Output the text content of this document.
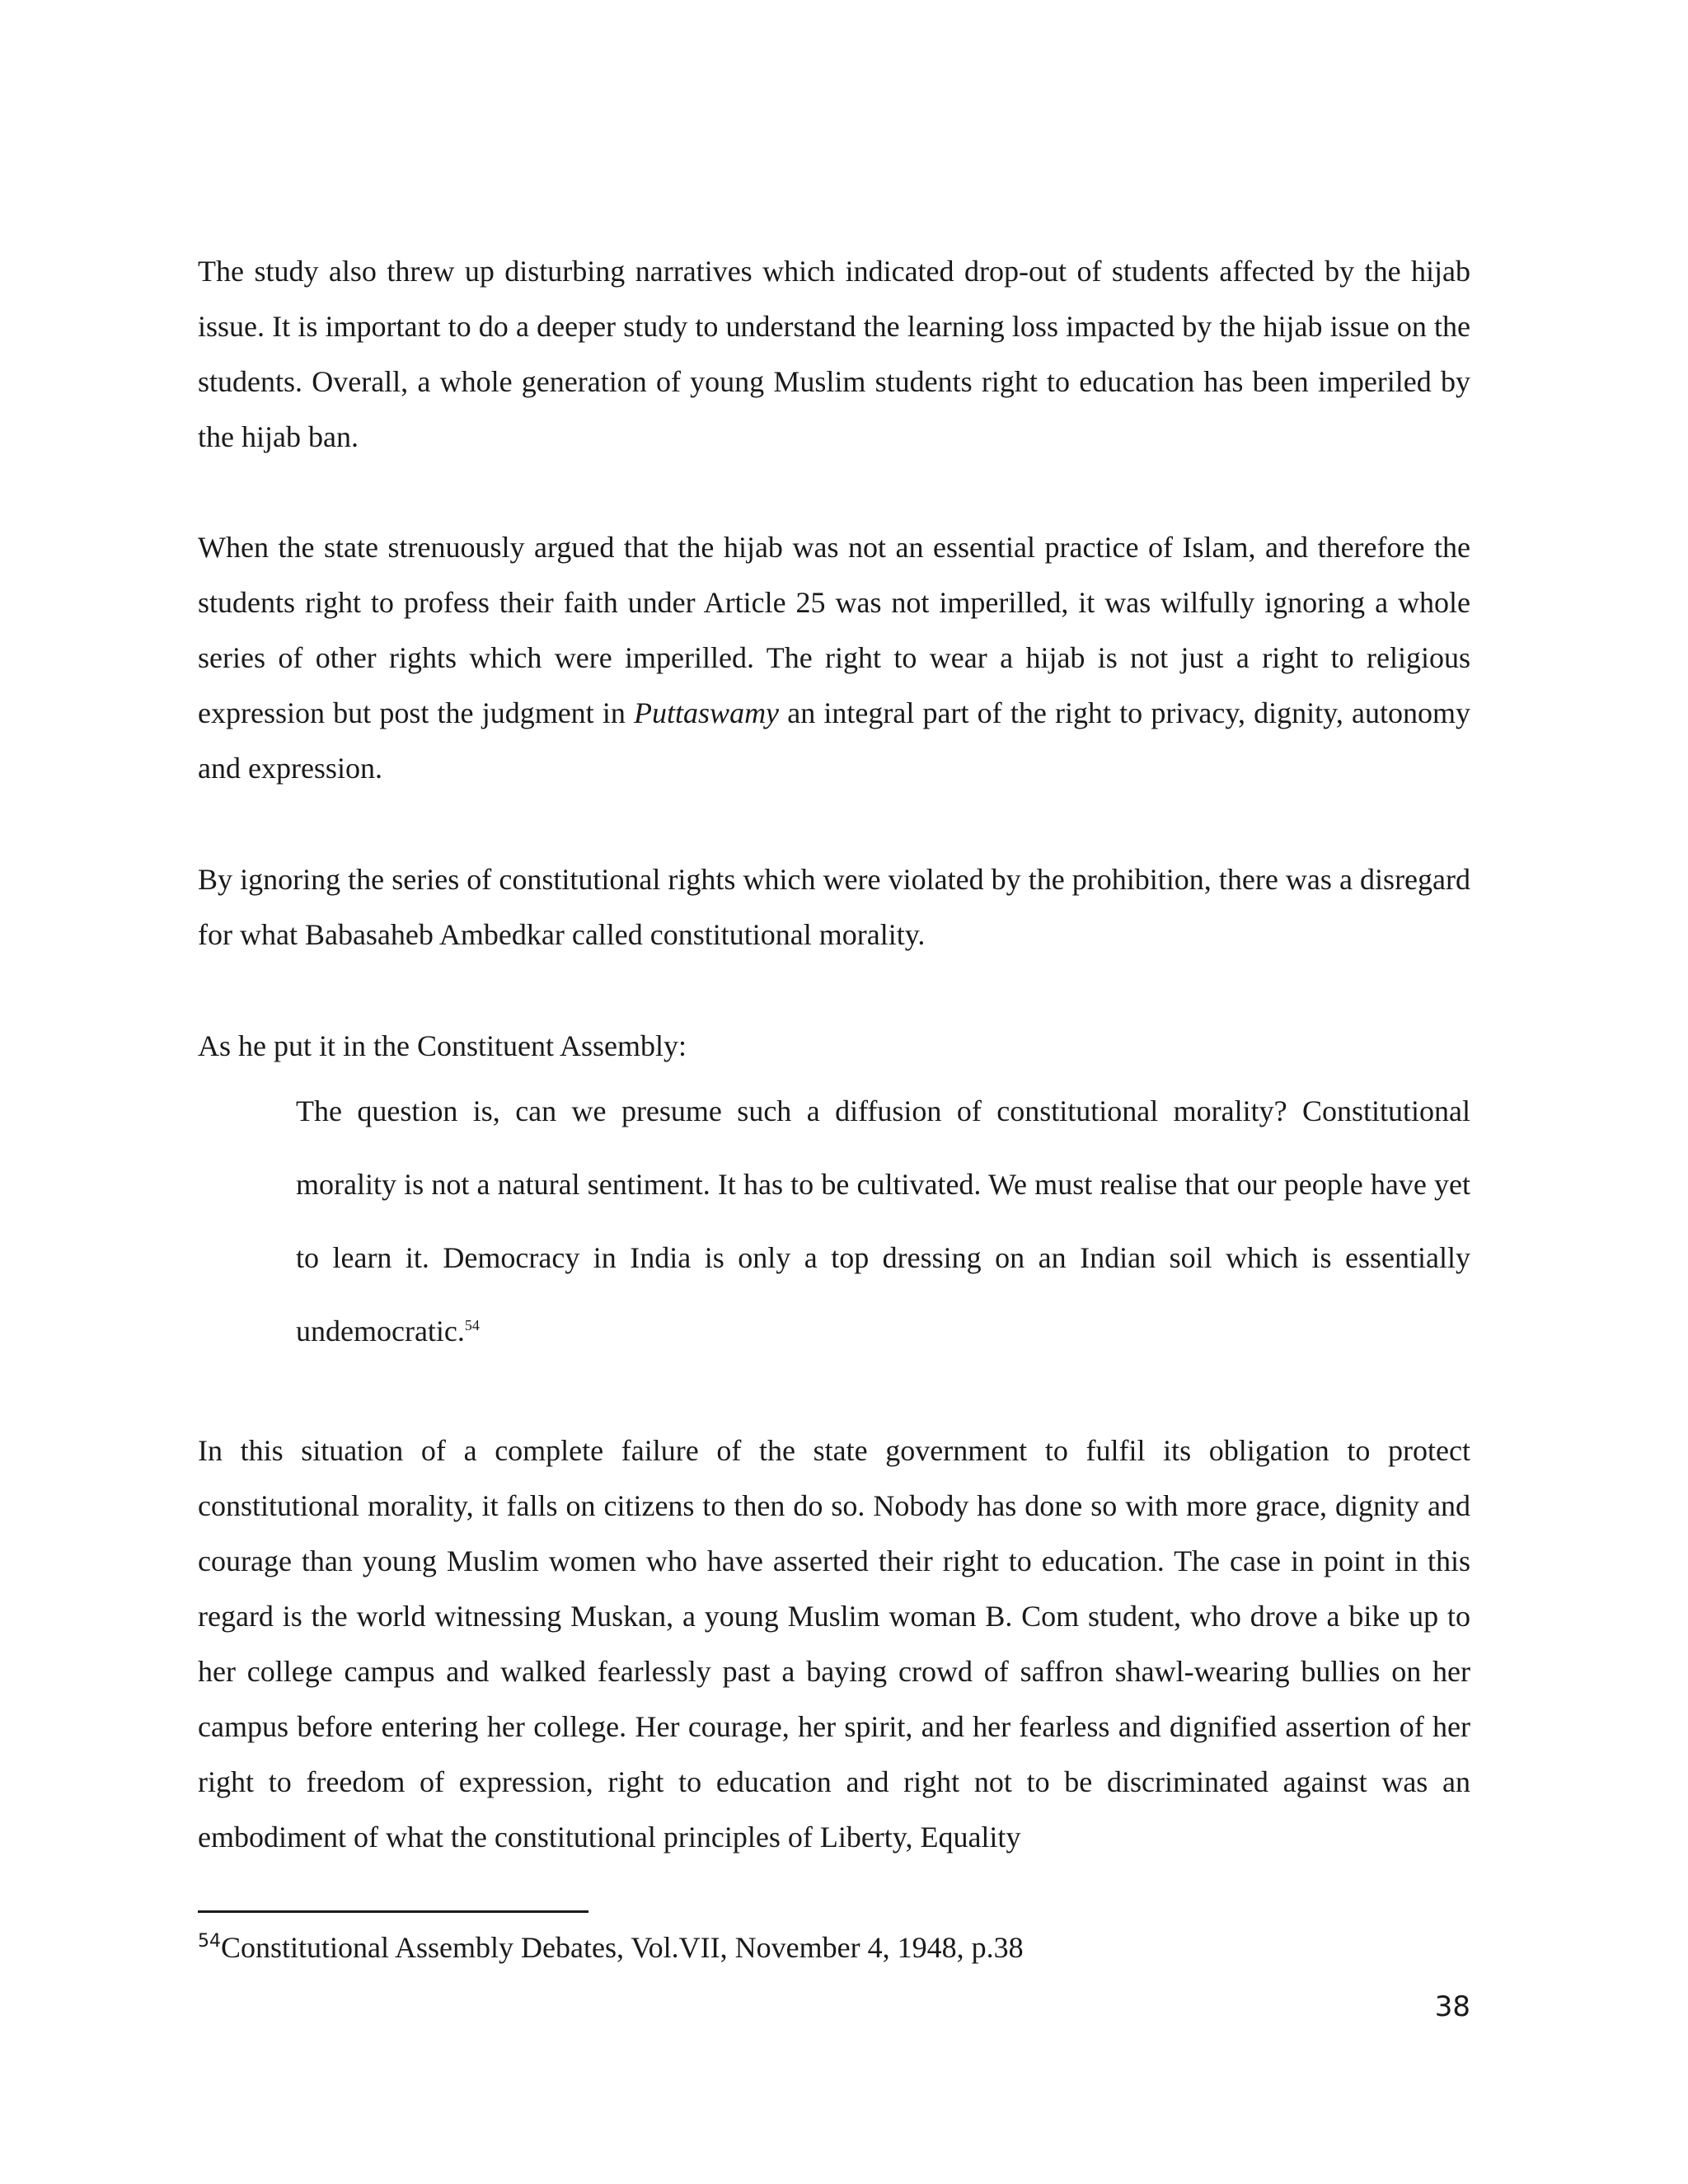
The study also threw up disturbing narratives which indicated drop-out of students affected by the hijab issue. It is important to do a deeper study to understand the learning loss impacted by the hijab issue on the students. Overall, a whole generation of young Muslim students right to education has been imperiled by the hijab ban.

When the state strenuously argued that the hijab was not an essential practice of Islam, and therefore the students right to profess their faith under Article 25 was not imperilled, it was wilfully ignoring a whole series of other rights which were imperilled. The right to wear a hijab is not just a right to religious expression but post the judgment in Puttaswamy an integral part of the right to privacy, dignity, autonomy and expression.

By ignoring the series of constitutional rights which were violated by the prohibition, there was a disregard for what Babasaheb Ambedkar called constitutional morality.

As he put it in the Constituent Assembly:

The question is, can we presume such a diffusion of constitutional morality? Constitutional morality is not a natural sentiment. It has to be cultivated. We must realise that our people have yet to learn it. Democracy in India is only a top dressing on an Indian soil which is essentially undemocratic.$^{54}$

In this situation of a complete failure of the state government to fulfil its obligation to protect constitutional morality, it falls on citizens to then do so. Nobody has done so with more grace, dignity and courage than young Muslim women who have asserted their right to education. The case in point in this regard is the world witnessing Muskan, a young Muslim woman B. Com student, who drove a bike up to her college campus and walked fearlessly past a baying crowd of saffron shawl-wearing bullies on her campus before entering her college. Her courage, her spirit, and her fearless and dignified assertion of her right to freedom of expression, right to education and right not to be discriminated against was an embodiment of what the constitutional principles of Liberty, Equality

$^{54}$Constitutional Assembly Debates, Vol.VII, November 4, 1948, p.38

38
